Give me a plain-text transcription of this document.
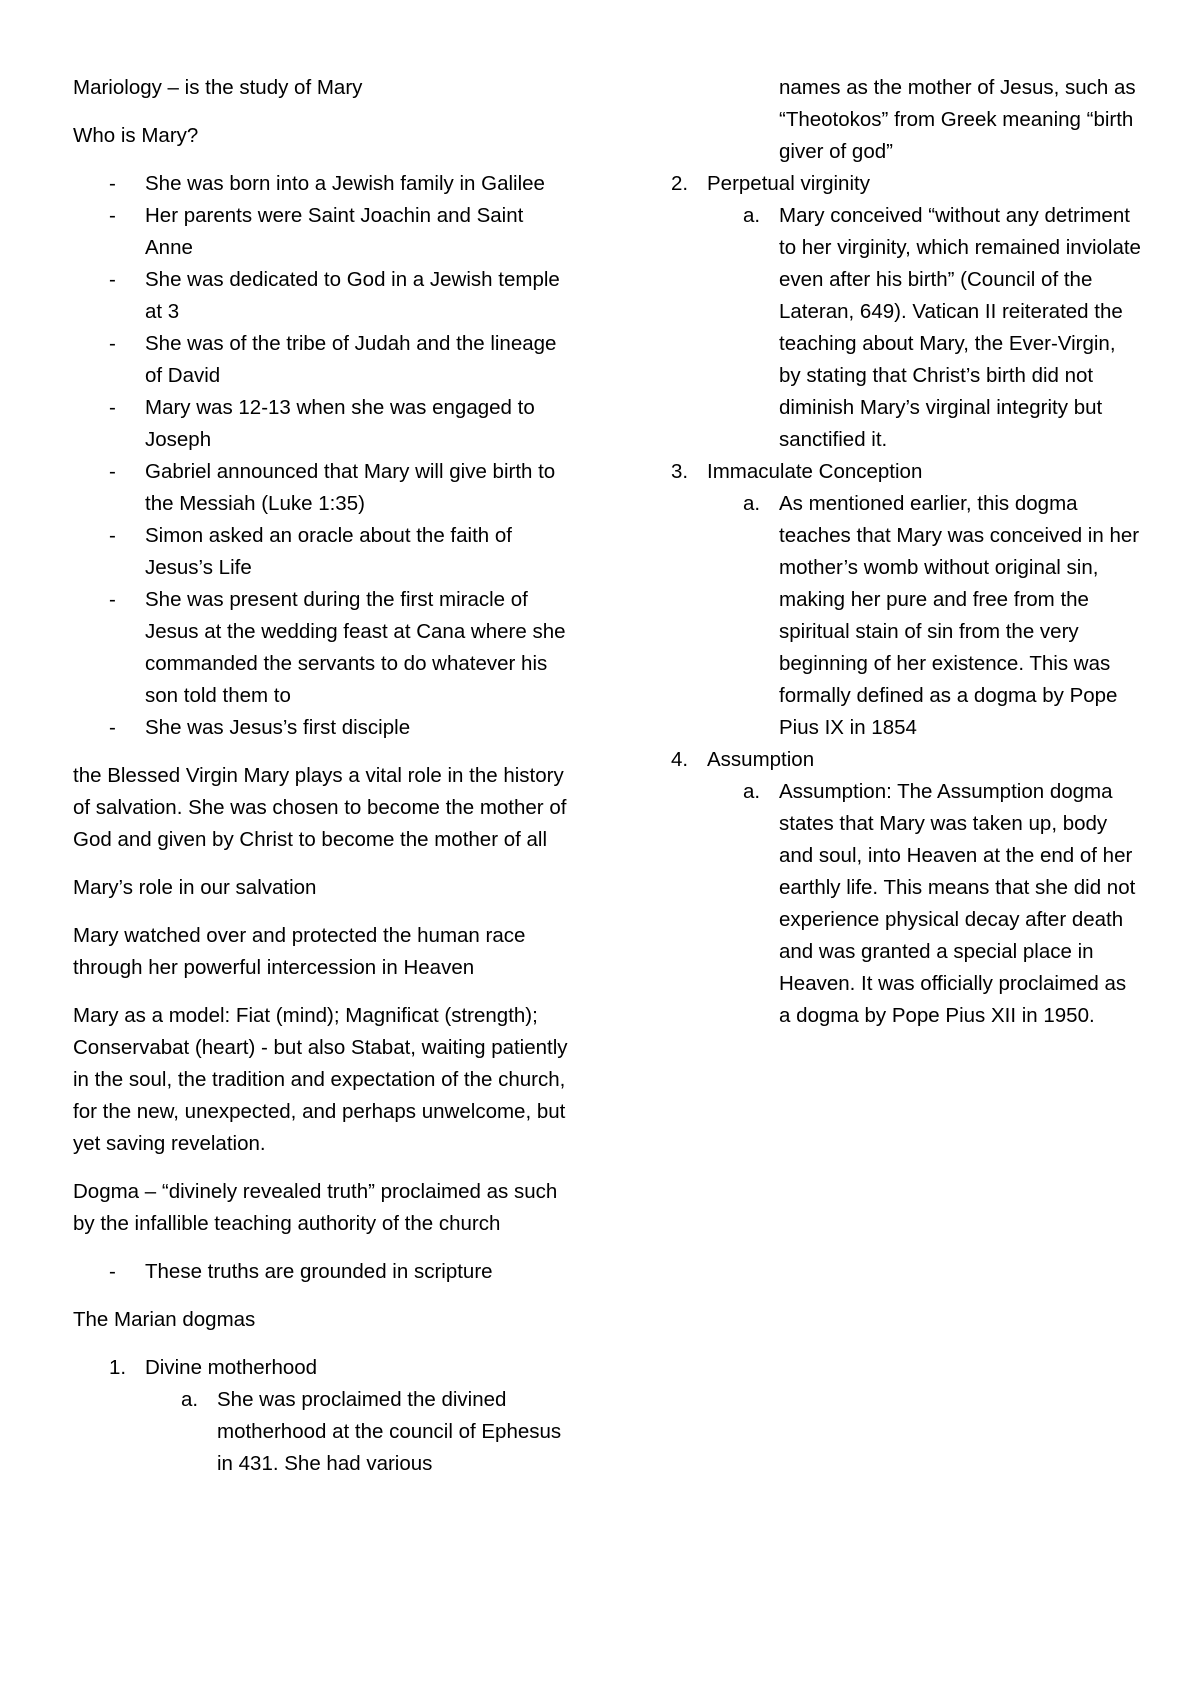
Mariology – is the study of Mary

Who is Mary?

- She was born into a Jewish family in Galilee
- Her parents were Saint Joachin and Saint Anne
- She was dedicated to God in a Jewish temple at 3
- She was of the tribe of Judah and the lineage of David
- Mary was 12-13 when she was engaged to Joseph
- Gabriel announced that Mary will give birth to the Messiah (Luke 1:35)
- Simon asked an oracle about the faith of Jesus’s Life
- She was present during the first miracle of Jesus at the wedding feast at Cana where she commanded the servants to do whatever his son told them to
- She was Jesus’s first disciple

the Blessed Virgin Mary plays a vital role in the history of salvation. She was chosen to become the mother of God and given by Christ to become the mother of all

Mary’s role in our salvation

Mary watched over and protected the human race through her powerful intercession in Heaven

Mary as a model: Fiat (mind); Magnificat (strength); Conservabat (heart) - but also Stabat, waiting patiently in the soul, the tradition and expectation of the church, for the new, unexpected, and perhaps unwelcome, but yet saving revelation.

Dogma – “divinely revealed truth” proclaimed as such by the infallible teaching authority of the church

- These truths are grounded in scripture

The Marian dogmas

1. Divine motherhood
a. She was proclaimed the divined motherhood at the council of Ephesus in 431. She had various
names as the mother of Jesus, such as “Theotokos” from Greek meaning “birth giver of god”
2. Perpetual virginity
a. Mary conceived “without any detriment to her virginity, which remained inviolate even after his birth” (Council of the Lateran, 649). Vatican II reiterated the teaching about Mary, the Ever-Virgin, by stating that Christ’s birth did not diminish Mary’s virginal integrity but sanctified it.
3. Immaculate Conception
a. As mentioned earlier, this dogma teaches that Mary was conceived in her mother’s womb without original sin, making her pure and free from the spiritual stain of sin from the very beginning of her existence. This was formally defined as a dogma by Pope Pius IX in 1854
4. Assumption
a. Assumption: The Assumption dogma states that Mary was taken up, body and soul, into Heaven at the end of her earthly life. This means that she did not experience physical decay after death and was granted a special place in Heaven. It was officially proclaimed as a dogma by Pope Pius XII in 1950.
